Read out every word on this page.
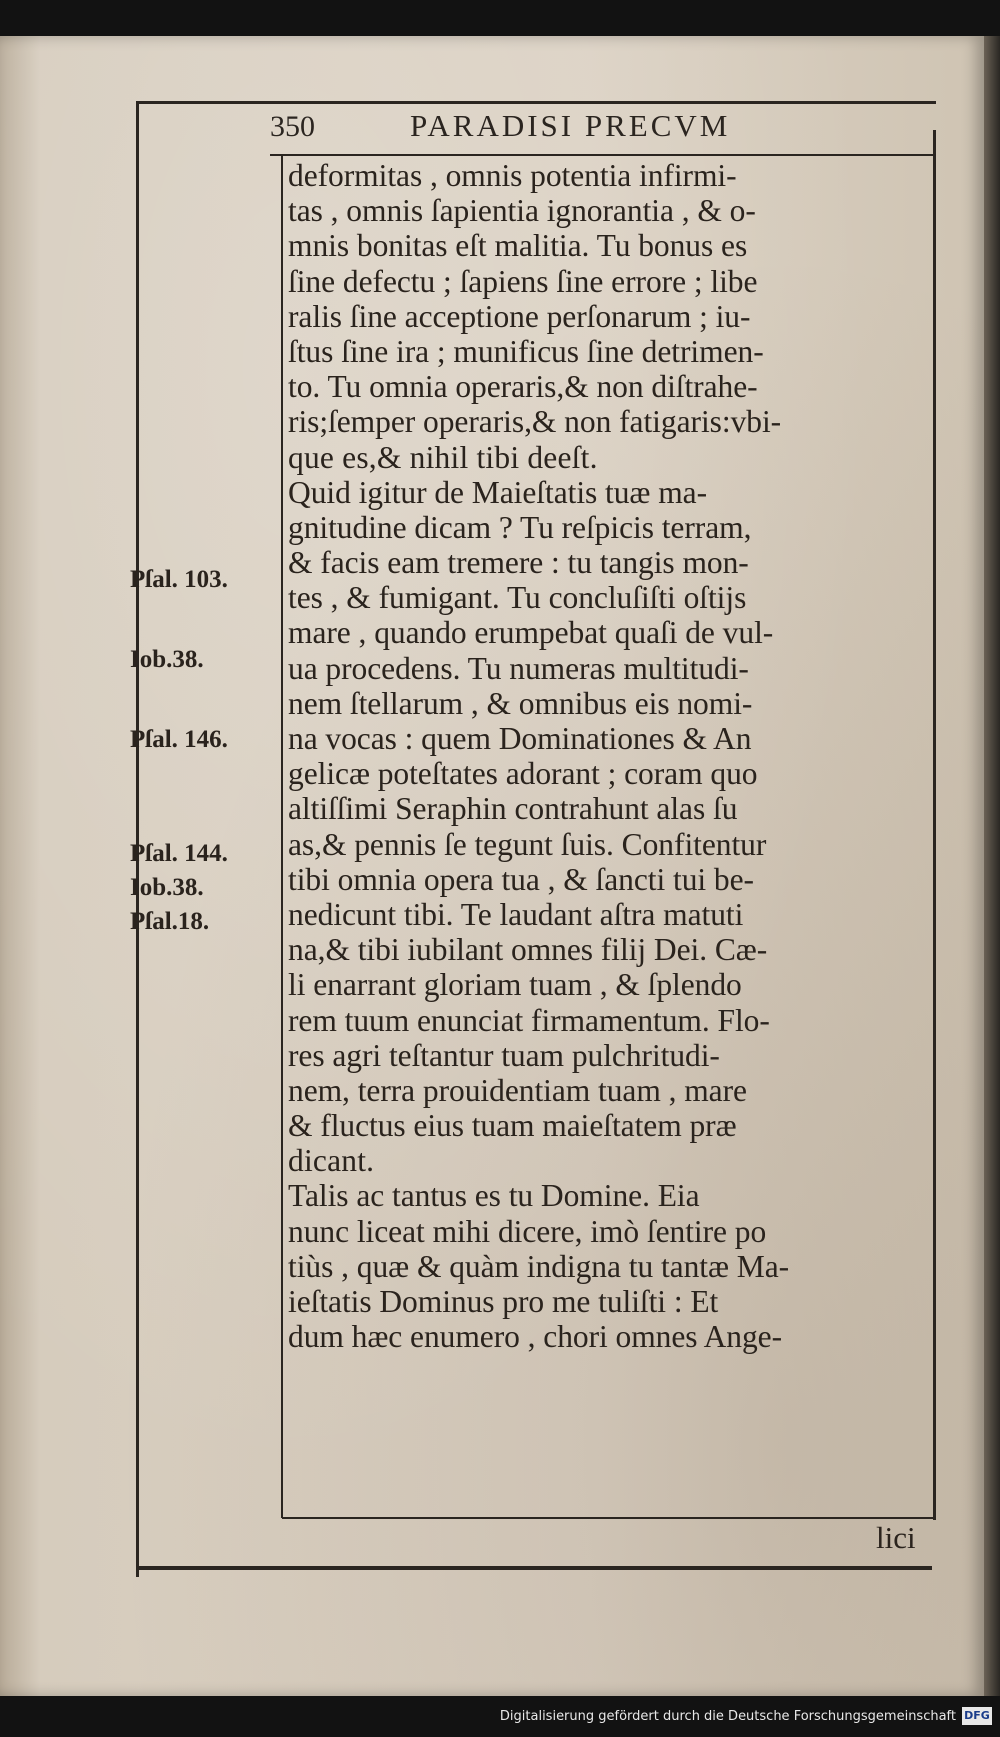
350	PARADISI PRECVM
deformitas , omnis potentia infirmi-
tas , omnis ſapientia ignorantia , & o-
mnis bonitas eſt malitia. Tu bonus es
ſine defectu ; ſapiens ſine errore ; libe
ralis ſine acceptione perſonarum ; iu-
ſtus ſine ira ; munificus ſine detrimen-
to. Tu omnia operaris,& non diſtrahe-
ris;ſemper operaris,& non fatigaris:vbi-
que es,& nihil tibi deeſt.
Quid igitur de Maieſtatis tuæ ma-
gnitudine dicam ? Tu reſpicis terram,
& facis eam tremere : tu tangis mon-
tes , & fumigant. Tu concluſiſti oſtijs
mare , quando erumpebat quaſi de vul-
ua procedens. Tu numeras multitudi-
nem ſtellarum , & omnibus eis nomi-
na vocas : quem Dominationes & An
gelicæ poteſtates adorant ; coram quo
altiſſimi Seraphin contrahunt alas ſu
as,& pennis ſe tegunt ſuis. Confitentur
tibi omnia opera tua , & ſancti tui be-
nedicunt tibi. Te laudant aſtra matuti
na,& tibi iubilant omnes filij Dei. Cæ-
li enarrant gloriam tuam , & ſplendo
rem tuum enunciat firmamentum. Flo-
res agri teſtantur tuam pulchritudi-
nem, terra prouidentiam tuam , mare
& fluctus eius tuam maieſtatem præ
dicant.
Talis ac tantus es tu Domine. Eia
nunc liceat mihi dicere, imò ſentire po
tiùs , quæ & quàm indigna tu tantæ Ma-
ieſtatis Dominus pro me tuliſti : Et
dum hæc enumero , chori omnes Ange-
Pſal. 103.
Iob.38.
Pſal. 146.
Pſal. 144.
Iob.38.
Pſal.18.
lici
Digitalisierung gefördert durch die Deutsche Forschungsgemeinschaft DFG
